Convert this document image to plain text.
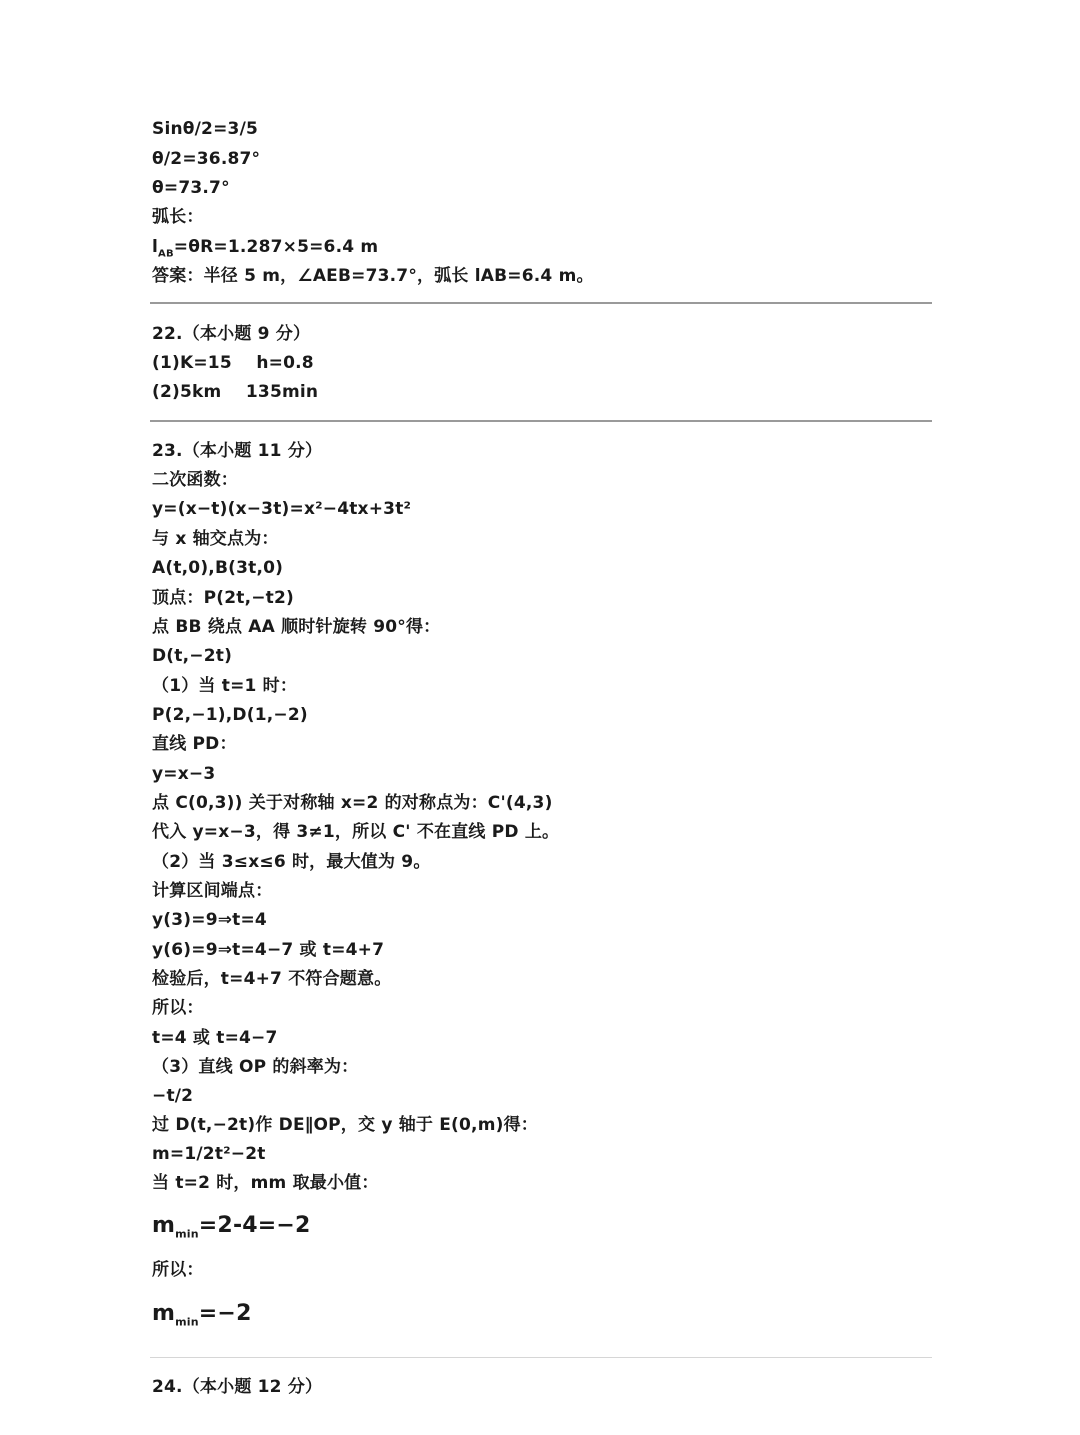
Sinθ/2=3/5
θ/2=36.87°
θ=73.7°
弧长：
$l_{AB}=\theta R=1.287\times 5=6.4$ m
答案：半径 5 m，∠AEB=73.7°，弧长 lAB=6.4 m。
22.（本小题 9 分）
(1)K=15    h=0.8
(2)5km    135min
23.（本小题 11 分）
二次函数：
y=(x−t)(x−3t)=x²−4tx+3t²
与 x 轴交点为：
A(t,0),B(3t,0)
顶点：P(2t,−t2)
点 BB 绕点 AA 顺时针旋转 90°得：
D(t,−2t)
（1）当 t=1 时：
P(2,−1),D(1,−2)
直线 PD：
y=x−3
点 C(0,3)) 关于对称轴 x=2 的对称点为：C'(4,3)
代入 y=x−3，得 3≠1，所以 C' 不在直线 PD 上。
（2）当 3≤x≤6 时，最大值为 9。
计算区间端点：
y(3)=9⇒t=4
y(6)=9⇒t=4−7 或 t=4+7
检验后，t=4+7 不符合题意。
所以：
t=4 或 t=4−7
（3）直线 OP 的斜率为：
−t/2
过 D(t,−2t)作 DE∥OP，交 y 轴于 E(0,m)得：
m=1/2t²−2t
当 t=2 时，mm 取最小值：
$m_{min}=2-4=-2$
所以：
$m_{min}=-2$
24.（本小题 12 分）
